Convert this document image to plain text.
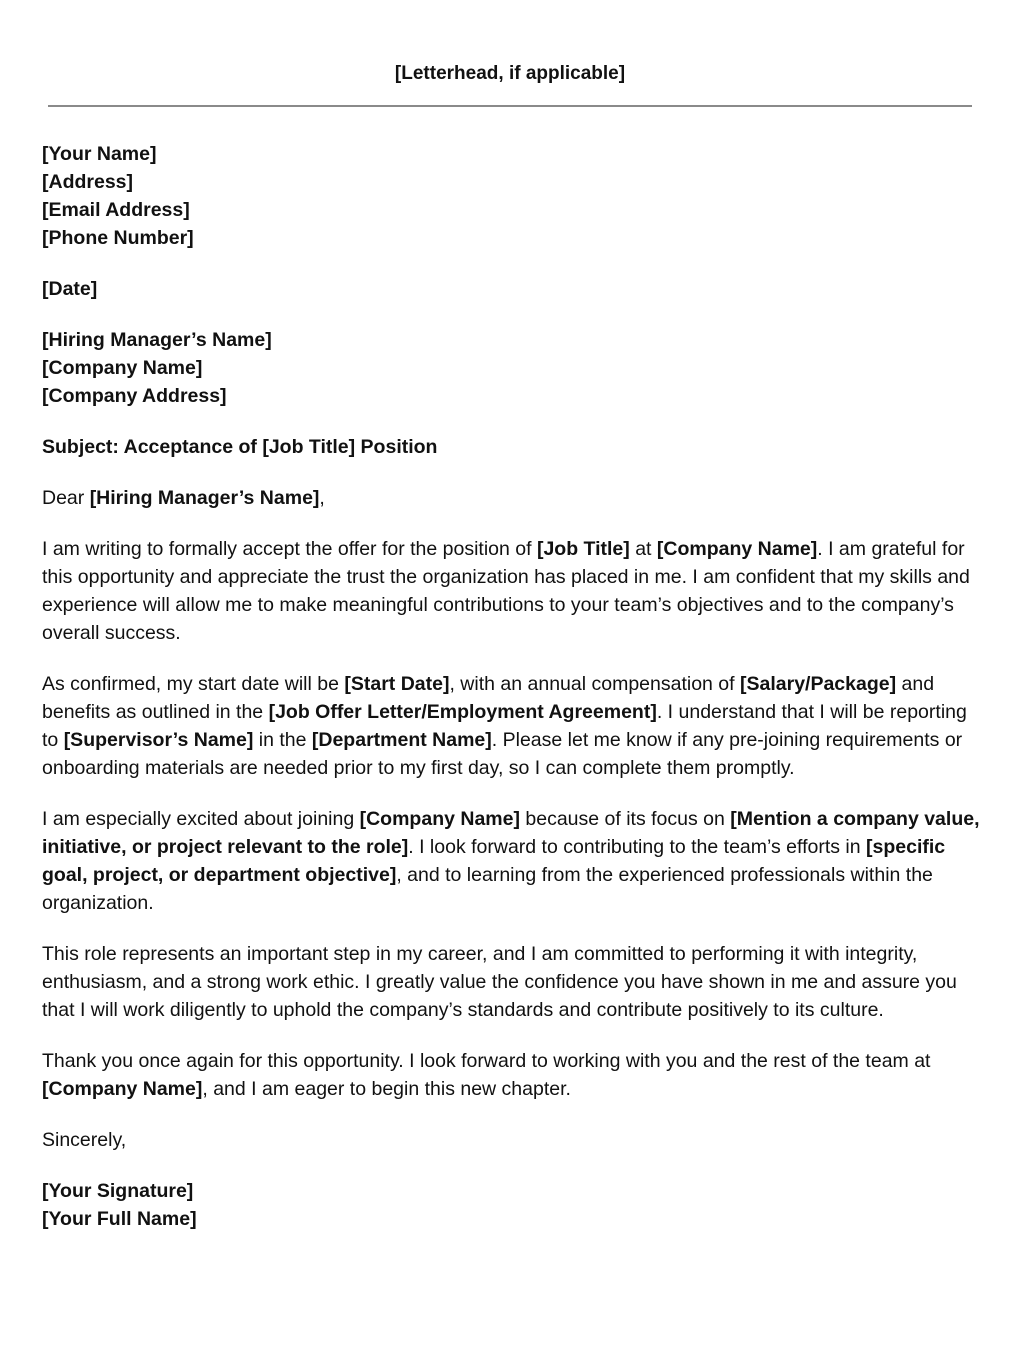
[Letterhead, if applicable]
[Your Name]
[Address]
[Email Address]
[Phone Number]
[Date]
[Hiring Manager’s Name]
[Company Name]
[Company Address]
Subject: Acceptance of [Job Title] Position
Dear [Hiring Manager’s Name],

I am writing to formally accept the offer for the position of [Job Title] at [Company Name]. I am grateful for this opportunity and appreciate the trust the organization has placed in me. I am confident that my skills and experience will allow me to make meaningful contributions to your team’s objectives and to the company’s overall success.

As confirmed, my start date will be [Start Date], with an annual compensation of [Salary/Package] and benefits as outlined in the [Job Offer Letter/Employment Agreement]. I understand that I will be reporting to [Supervisor’s Name] in the [Department Name]. Please let me know if any pre-joining requirements or onboarding materials are needed prior to my first day, so I can complete them promptly.

I am especially excited about joining [Company Name] because of its focus on [Mention a company value, initiative, or project relevant to the role]. I look forward to contributing to the team’s efforts in [specific goal, project, or department objective], and to learning from the experienced professionals within the organization.

This role represents an important step in my career, and I am committed to performing it with integrity, enthusiasm, and a strong work ethic. I greatly value the confidence you have shown in me and assure you that I will work diligently to uphold the company’s standards and contribute positively to its culture.

Thank you once again for this opportunity. I look forward to working with you and the rest of the team at [Company Name], and I am eager to begin this new chapter.

Sincerely,
[Your Signature]
[Your Full Name]
